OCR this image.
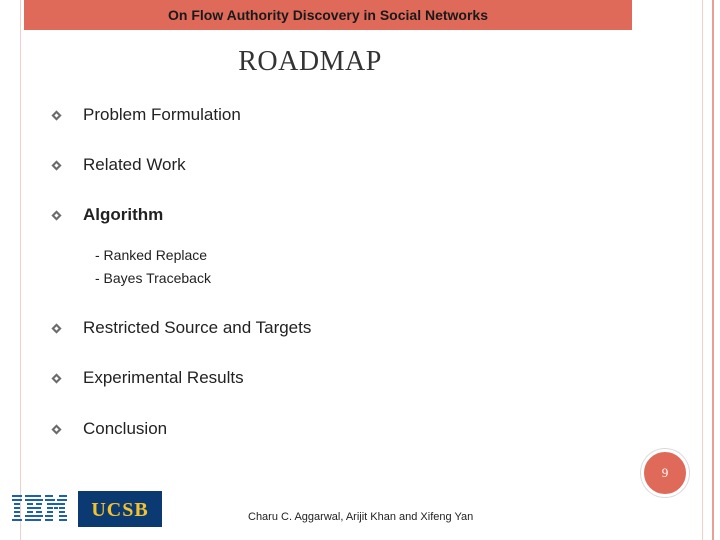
On Flow Authority Discovery in Social Networks
ROADMAP
Problem Formulation
Related Work
Algorithm
Restricted Source and Targets
Experimental Results
Conclusion
- Ranked Replace
- Bayes Traceback
9
UCSB	Charu C. Aggarwal, Arijit Khan and Xifeng Yan
